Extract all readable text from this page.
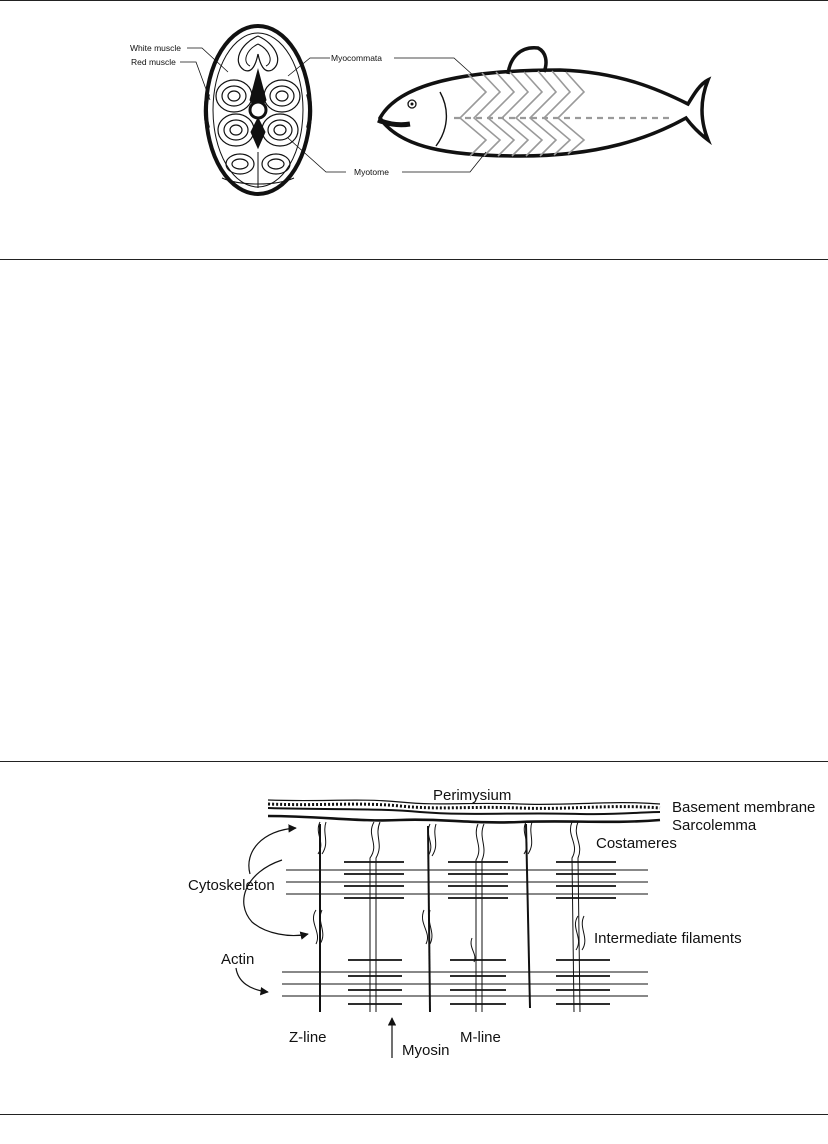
White muscle
Red muscle	Myocommata
Myotome
Perimysium
Basement membrane
Sarcolemma
Costameres
Cytoskeleton
Intermediate filaments
Actin
Z-line
Myosin
M-line
